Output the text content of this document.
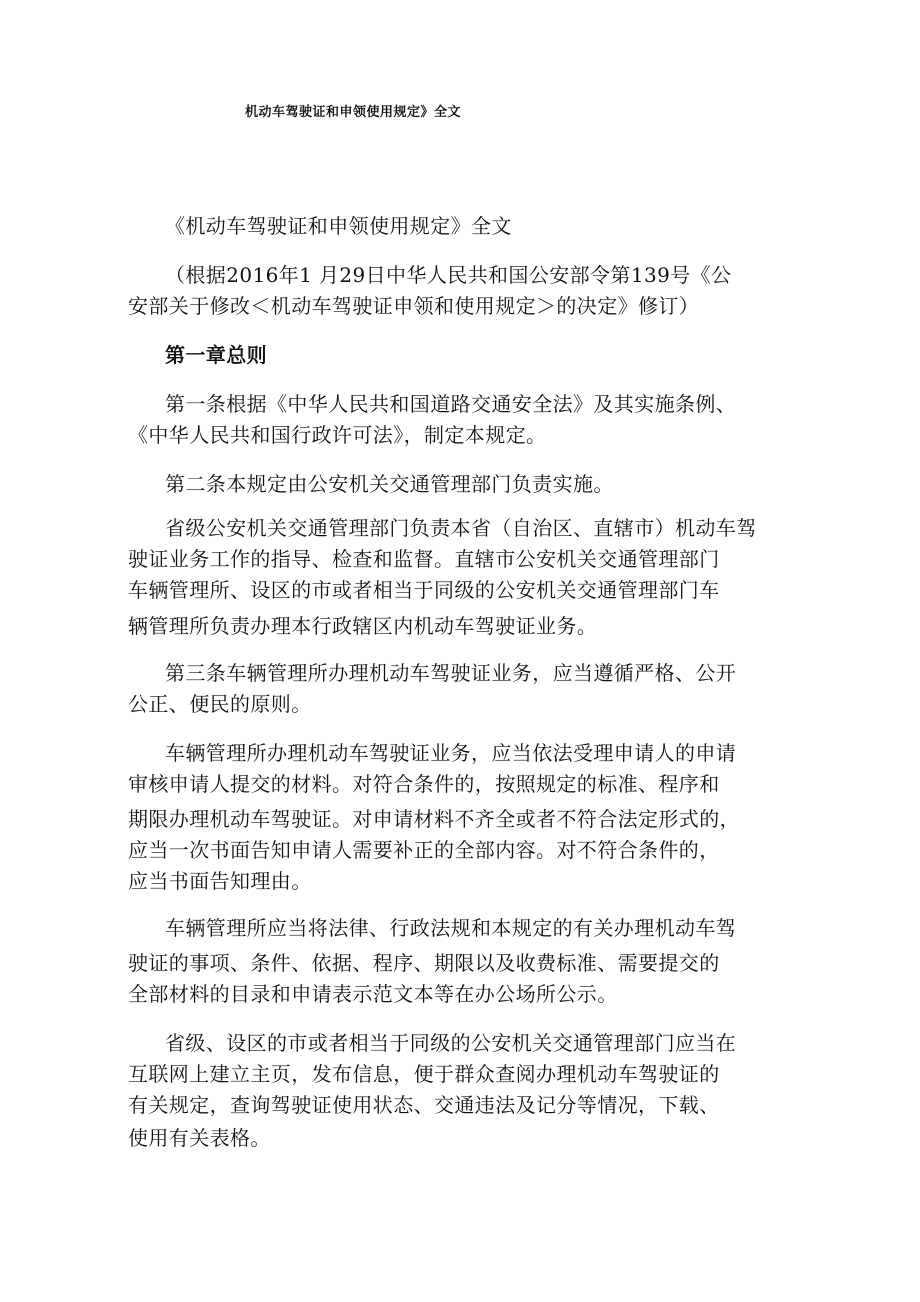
机动车驾驶证和申领使用规定》全文
《机动车驾驶证和申领使用规定》全文
（根据2016年1 月29日中华人民共和国公安部令第139号《公
安部关于修改＜机动车驾驶证申领和使用规定＞的决定》修订）
第一章总则
第一条根据《中华人民共和国道路交通安全法》及其实施条例、
《中华人民共和国行政许可法》，制定本规定。
第二条本规定由公安机关交通管理部门负责实施。
省级公安机关交通管理部门负责本省（自治区、直辖市）机动车驾
驶证业务工作的指导、检查和监督。直辖市公安机关交通管理部门
车辆管理所、设区的市或者相当于同级的公安机关交通管理部门车
辆管理所负责办理本行政辖区内机动车驾驶证业务。
第三条车辆管理所办理机动车驾驶证业务，应当遵循严格、公开
公正、便民的原则。
车辆管理所办理机动车驾驶证业务，应当依法受理申请人的申请
审核申请人提交的材料。对符合条件的，按照规定的标准、程序和
期限办理机动车驾驶证。对申请材料不齐全或者不符合法定形式的，
应当一次书面告知申请人需要补正的全部内容。对不符合条件的，
应当书面告知理由。
车辆管理所应当将法律、行政法规和本规定的有关办理机动车驾
驶证的事项、条件、依据、程序、期限以及收费标准、需要提交的
全部材料的目录和申请表示范文本等在办公场所公示。
省级、设区的市或者相当于同级的公安机关交通管理部门应当在
互联网上建立主页，发布信息，便于群众查阅办理机动车驾驶证的
有关规定，查询驾驶证使用状态、交通违法及记分等情况，下载、
使用有关表格。
